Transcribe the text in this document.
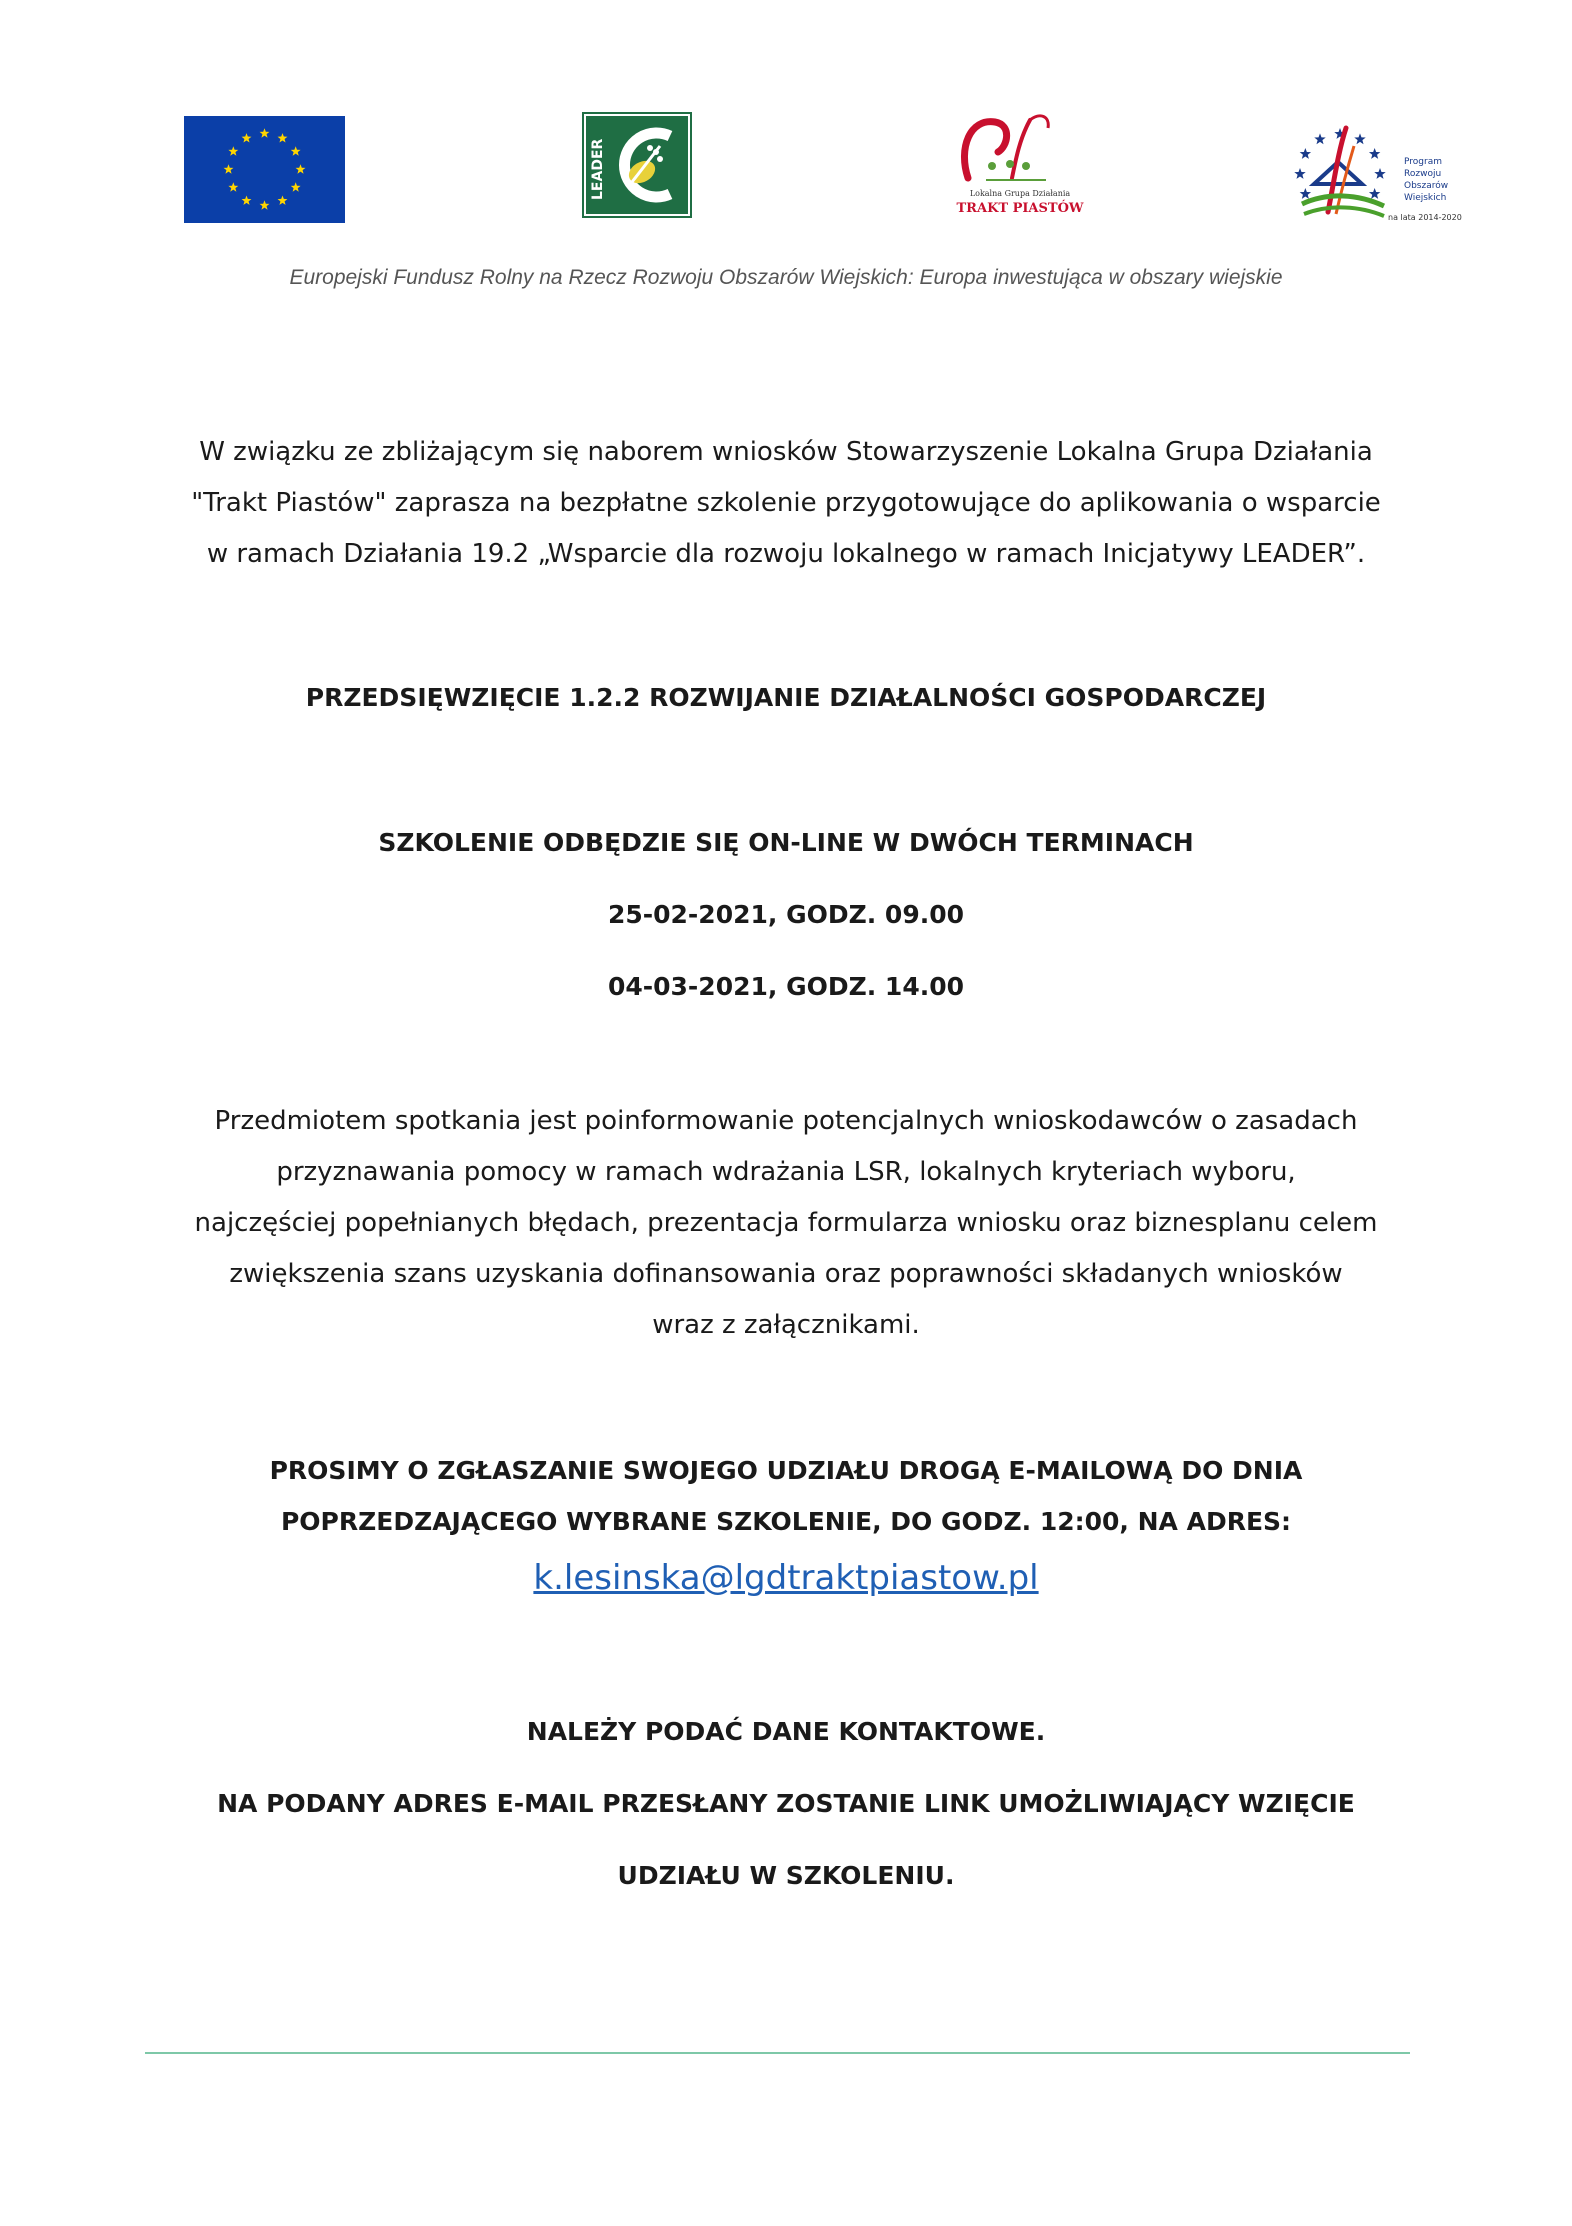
LEADER	Lokalna Grupa Działania
TRAKT PIASTÓW
Program
Rozwoju
Obszarów
Wiejskich
na lata 2014-2020
Europejski Fundusz Rolny na Rzecz Rozwoju Obszarów Wiejskich: Europa inwestująca w obszary wiejskie
W związku ze zbliżającym się naborem wniosków Stowarzyszenie Lokalna Grupa Działania
"Trakt Piastów" zaprasza na bezpłatne szkolenie przygotowujące do aplikowania o wsparcie
w ramach Działania 19.2 „Wsparcie dla rozwoju lokalnego w ramach Inicjatywy LEADER”.
PRZEDSIĘWZIĘCIE 1.2.2 ROZWIJANIE DZIAŁALNOŚCI GOSPODARCZEJ
SZKOLENIE ODBĘDZIE SIĘ ON-LINE W DWÓCH TERMINACH
25-02-2021, GODZ. 09.00
04-03-2021, GODZ. 14.00
Przedmiotem spotkania jest poinformowanie potencjalnych wnioskodawców o zasadach
przyznawania pomocy w ramach wdrażania LSR, lokalnych kryteriach wyboru,
najczęściej popełnianych błędach, prezentacja formularza wniosku oraz biznesplanu celem
zwiększenia szans uzyskania dofinansowania oraz poprawności składanych wniosków
wraz z załącznikami.
PROSIMY O ZGŁASZANIE SWOJEGO UDZIAŁU DROGĄ E-MAILOWĄ DO DNIA
POPRZEDZAJĄCEGO WYBRANE SZKOLENIE, DO GODZ. 12:00, NA ADRES:
k.lesinska@lgdtraktpiastow.pl
NALEŻY PODAĆ DANE KONTAKTOWE.
NA PODANY ADRES E-MAIL PRZESŁANY ZOSTANIE LINK UMOŻLIWIAJĄCY WZIĘCIE
UDZIAŁU W SZKOLENIU.
